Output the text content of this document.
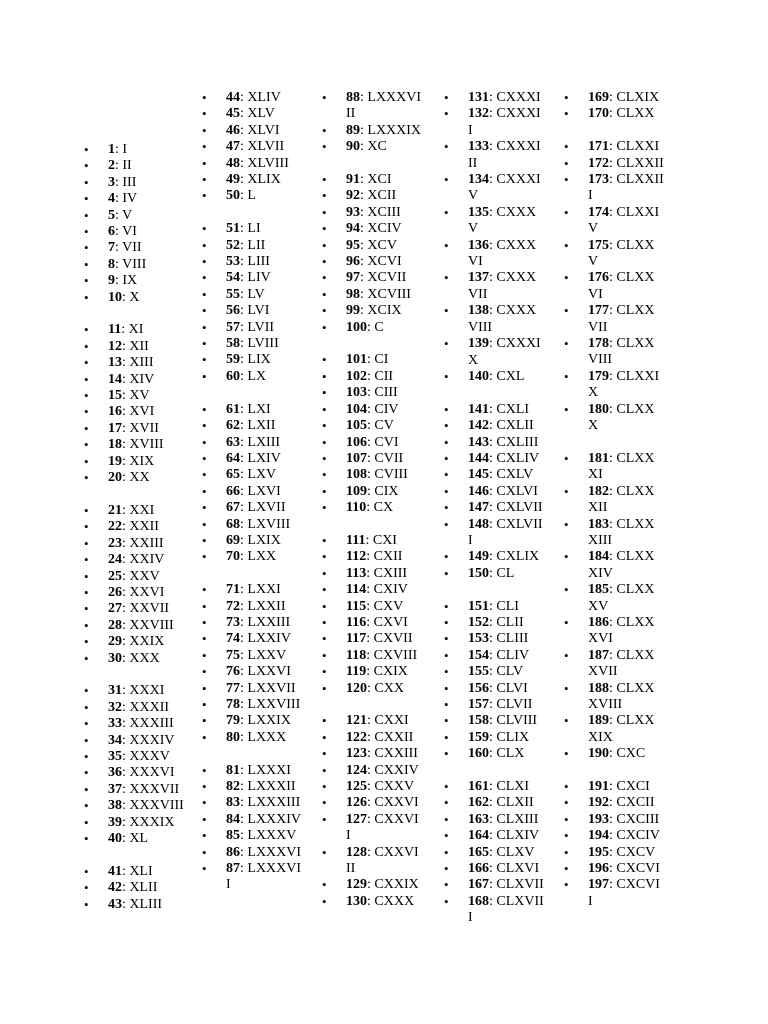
• 1: I
• 2: II
• 3: III
• 4: IV
• 5: V
• 6: VI
• 7: VII
• 8: VIII
• 9: IX
• 10: X
• 11: XI
• 12: XII
• 13: XIII
• 14: XIV
• 15: XV
• 16: XVI
• 17: XVII
• 18: XVIII
• 19: XIX
• 20: XX
• 21: XXI
• 22: XXII
• 23: XXIII
• 24: XXIV
• 25: XXV
• 26: XXVI
• 27: XXVII
• 28: XXVIII
• 29: XXIX
• 30: XXX
• 31: XXXI
• 32: XXXII
• 33: XXXIII
• 34: XXXIV
• 35: XXXV
• 36: XXXVI
• 37: XXXVII
• 38: XXXVIII
• 39: XXXIX
• 40: XL
• 41: XLI
• 42: XLII
• 43: XLIII
• 44: XLIV
• 45: XLV
• 46: XLVI
• 47: XLVII
• 48: XLVIII
• 49: XLIX
• 50: L
• 51: LI
• 52: LII
• 53: LIII
• 54: LIV
• 55: LV
• 56: LVI
• 57: LVII
• 58: LVIII
• 59: LIX
• 60: LX
• 61: LXI
• 62: LXII
• 63: LXIII
• 64: LXIV
• 65: LXV
• 66: LXVI
• 67: LXVII
• 68: LXVIII
• 69: LXIX
• 70: LXX
• 71: LXXI
• 72: LXXII
• 73: LXXIII
• 74: LXXIV
• 75: LXXV
• 76: LXXVI
• 77: LXXVII
• 78: LXXVIII
• 79: LXXIX
• 80: LXXX
• 81: LXXXI
• 82: LXXXII
• 83: LXXXIII
• 84: LXXXIV
• 85: LXXXV
• 86: LXXXVI
• 87: LXXXVI
I
• 88: LXXXVI
II
• 89: LXXXIX
• 90: XC
• 91: XCI
• 92: XCII
• 93: XCIII
• 94: XCIV
• 95: XCV
• 96: XCVI
• 97: XCVII
• 98: XCVIII
• 99: XCIX
• 100: C
• 101: CI
• 102: CII
• 103: CIII
• 104: CIV
• 105: CV
• 106: CVI
• 107: CVII
• 108: CVIII
• 109: CIX
• 110: CX
• 111: CXI
• 112: CXII
• 113: CXIII
• 114: CXIV
• 115: CXV
• 116: CXVI
• 117: CXVII
• 118: CXVIII
• 119: CXIX
• 120: CXX
• 121: CXXI
• 122: CXXII
• 123: CXXIII
• 124: CXXIV
• 125: CXXV
• 126: CXXVI
• 127: CXXVI
I
• 128: CXXVI
II
• 129: CXXIX
• 130: CXXX
• 131: CXXXI
• 132: CXXXI
I
• 133: CXXXI
II
• 134: CXXXI
V
• 135: CXXX
V
• 136: CXXX
VI
• 137: CXXX
VII
• 138: CXXX
VIII
• 139: CXXXI
X
• 140: CXL
• 141: CXLI
• 142: CXLII
• 143: CXLIII
• 144: CXLIV
• 145: CXLV
• 146: CXLVI
• 147: CXLVII
• 148: CXLVII
I
• 149: CXLIX
• 150: CL
• 151: CLI
• 152: CLII
• 153: CLIII
• 154: CLIV
• 155: CLV
• 156: CLVI
• 157: CLVII
• 158: CLVIII
• 159: CLIX
• 160: CLX
• 161: CLXI
• 162: CLXII
• 163: CLXIII
• 164: CLXIV
• 165: CLXV
• 166: CLXVI
• 167: CLXVII
• 168: CLXVII
I
• 169: CLXIX
• 170: CLXX
• 171: CLXXI
• 172: CLXXII
• 173: CLXXII
I
• 174: CLXXI
V
• 175: CLXX
V
• 176: CLXX
VI
• 177: CLXX
VII
• 178: CLXX
VIII
• 179: CLXXI
X
• 180: CLXX
X
• 181: CLXX
XI
• 182: CLXX
XII
• 183: CLXX
XIII
• 184: CLXX
XIV
• 185: CLXX
XV
• 186: CLXX
XVI
• 187: CLXX
XVII
• 188: CLXX
XVIII
• 189: CLXX
XIX
• 190: CXC
• 191: CXCI
• 192: CXCII
• 193: CXCIII
• 194: CXCIV
• 195: CXCV
• 196: CXCVI
• 197: CXCVI
I
